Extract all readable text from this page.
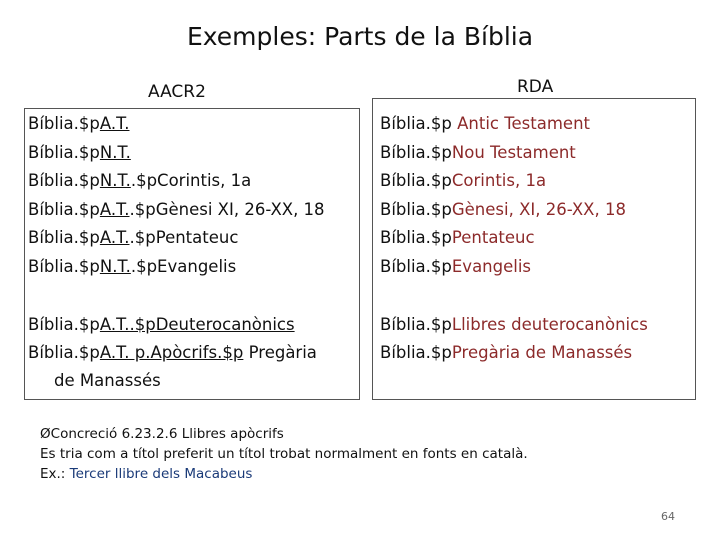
Exemples: Parts de la Bíblia
AACR2	RDA
Bíblia.$pA.T.
Bíblia.$pN.T.
Bíblia.$pN.T..$pCorintis, 1a
Bíblia.$pA.T..$pGènesi XI, 26-XX, 18
Bíblia.$pA.T..$pPentateuc
Bíblia.$pN.T..$pEvangelis
Bíblia.$pA.T..$pDeuterocanònics
Bíblia.$pA.T. p.Apòcrifs.$p Pregària
de Manassés
Bíblia.$p Antic Testament
Bíblia.$pNou Testament
Bíblia.$pCorintis, 1a
Bíblia.$pGènesi, XI, 26-XX, 18
Bíblia.$pPentateuc
Bíblia.$pEvangelis
Bíblia.$pLlibres deuterocanònics
Bíblia.$pPregària de Manassés
ØConcreció 6.23.2.6 Llibres apòcrifs
Es tria com a títol preferit un títol trobat normalment en fonts en català.
Ex.: Tercer llibre dels Macabeus
64
